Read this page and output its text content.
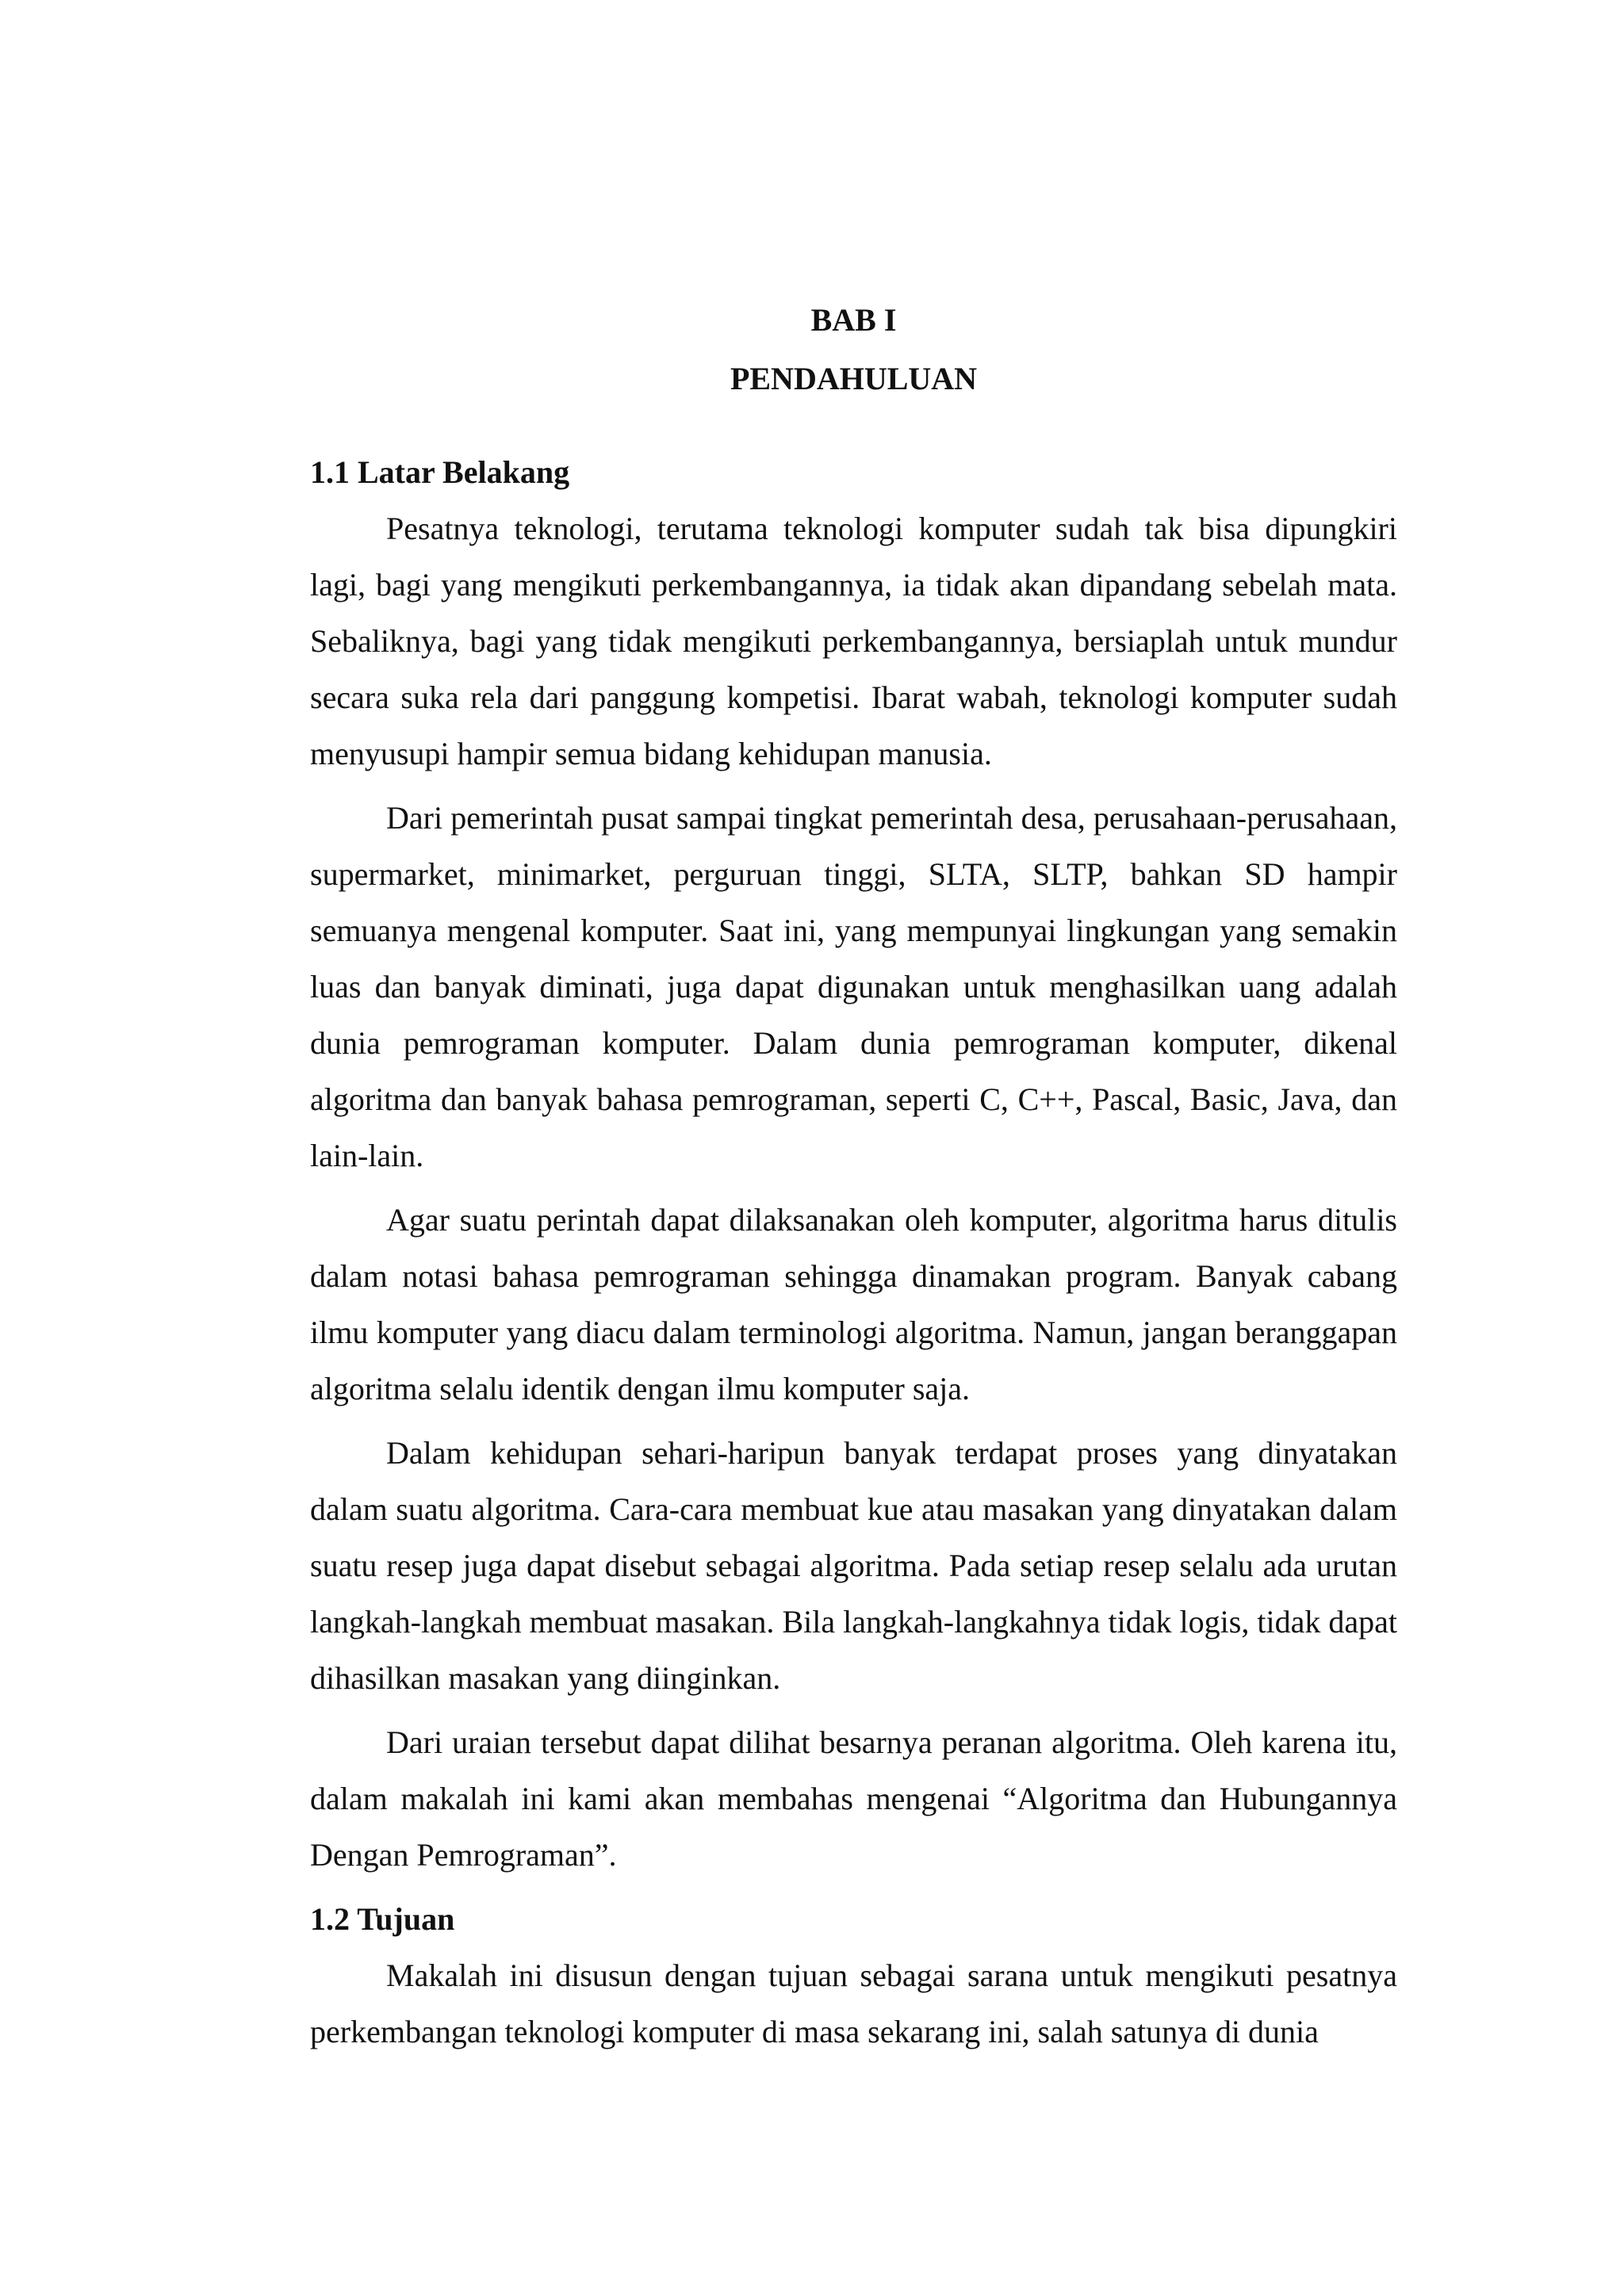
BAB I
PENDAHULUAN
1.1 Latar Belakang

Pesatnya teknologi, terutama teknologi komputer sudah tak bisa dipungkiri lagi, bagi yang mengikuti perkembangannya, ia tidak akan dipandang sebelah mata. Sebaliknya, bagi yang tidak mengikuti perkembangannya, bersiaplah untuk mundur secara suka rela dari panggung kompetisi. Ibarat wabah, teknologi komputer sudah menyusupi hampir semua bidang kehidupan manusia.

Dari pemerintah pusat sampai tingkat pemerintah desa, perusahaan-perusahaan, supermarket, minimarket, perguruan tinggi, SLTA, SLTP, bahkan SD hampir semuanya mengenal komputer. Saat ini, yang mempunyai lingkungan yang semakin luas dan banyak diminati, juga dapat digunakan untuk menghasilkan uang adalah dunia pemrograman komputer. Dalam dunia pemrograman komputer, dikenal algoritma dan banyak bahasa pemrograman, seperti C, C++, Pascal, Basic, Java, dan lain-lain.

Agar suatu perintah dapat dilaksanakan oleh komputer, algoritma harus ditulis dalam notasi bahasa pemrograman sehingga dinamakan program. Banyak cabang ilmu komputer yang diacu dalam terminologi algoritma. Namun, jangan beranggapan algoritma selalu identik dengan ilmu komputer saja.

Dalam kehidupan sehari-haripun banyak terdapat proses yang dinyatakan dalam suatu algoritma. Cara-cara membuat kue atau masakan yang dinyatakan dalam suatu resep juga dapat disebut sebagai algoritma. Pada setiap resep selalu ada urutan langkah-langkah membuat masakan. Bila langkah-langkahnya tidak logis, tidak dapat dihasilkan masakan yang diinginkan.

Dari uraian tersebut dapat dilihat besarnya peranan algoritma. Oleh karena itu, dalam makalah ini kami akan membahas mengenai “Algoritma dan Hubungannya Dengan Pemrograman”.

1.2 Tujuan

Makalah ini disusun dengan tujuan sebagai sarana untuk mengikuti pesatnya perkembangan teknologi komputer di masa sekarang ini, salah satunya di dunia
